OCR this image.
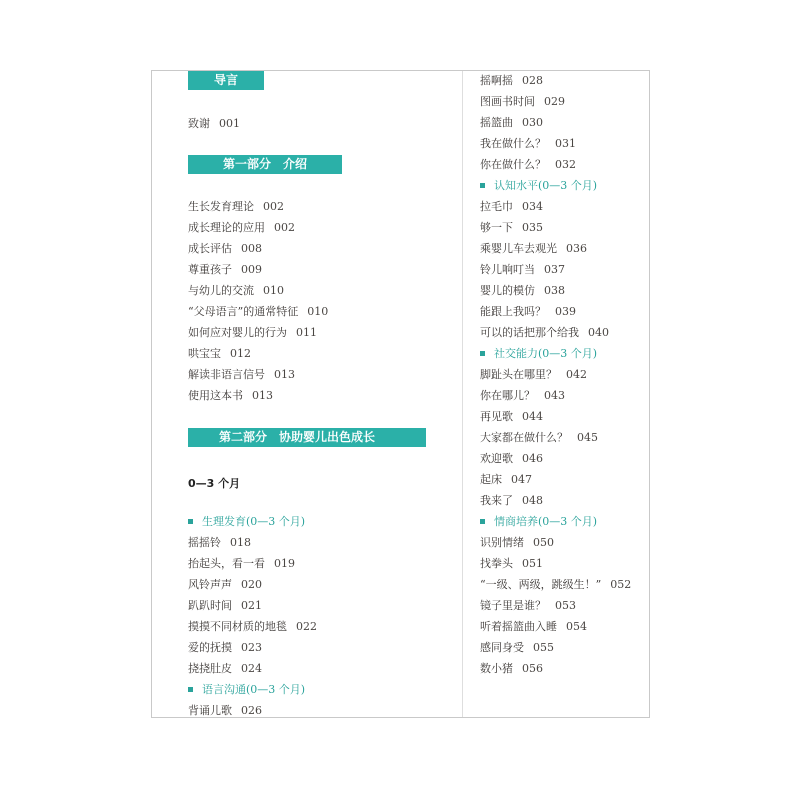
导言
致谢 001
第一部分　介绍
生长发育理论 002
成长理论的应用 002
成长评估 008
尊重孩子 009
与幼儿的交流 010
“父母语言”的通常特征 010
如何应对婴儿的行为 011
哄宝宝 012
解读非语言信号 013
使用这本书 013
第二部分　协助婴儿出色成长
0—3 个月
生理发育(0—3 个月)
摇摇铃 018
抬起头，看一看 019
风铃声声 020
趴趴时间 021
摸摸不同材质的地毯 022
爱的抚摸 023
挠挠肚皮 024
语言沟通(0—3 个月)
背诵儿歌 026
摇啊摇 028
图画书时间 029
摇篮曲 030
我在做什么？ 031
你在做什么？ 032
认知水平(0—3 个月)
拉毛巾 034
够一下 035
乘婴儿车去观光 036
铃儿响叮当 037
婴儿的模仿 038
能跟上我吗？ 039
可以的话把那个给我 040
社交能力(0—3 个月)
脚趾头在哪里？ 042
你在哪儿？ 043
再见歌 044
大家都在做什么？ 045
欢迎歌 046
起床 047
我来了 048
情商培养(0—3 个月)
识别情绪 050
找拳头 051
“一级、两级，跳级生！” 052
镜子里是谁？ 053
听着摇篮曲入睡 054
感同身受 055
数小猪 056
